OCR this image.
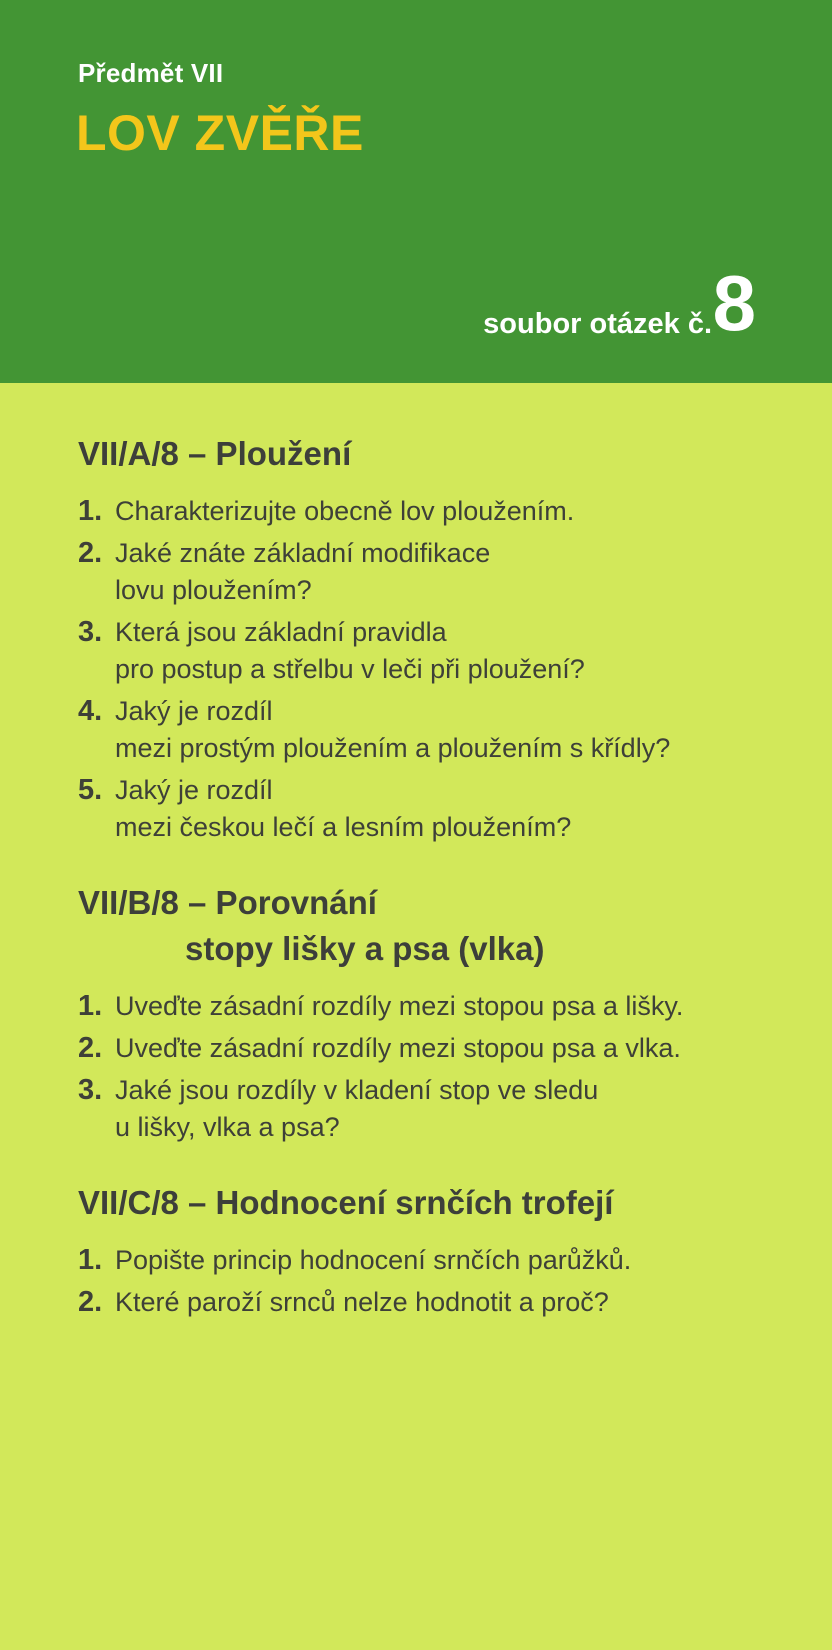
Předmět VII
LOV ZVĚŘE
soubor otázek č. 8
VII/A/8 – Ploužení
1. Charakterizujte obecně lov ploužením.
2. Jaké znáte základní modifikace
lovu ploužením?
3. Která jsou základní pravidla
pro postup a střelbu v leči při ploužení?
4. Jaký je rozdíl
mezi prostým ploužením a ploužením s křídly?
5. Jaký je rozdíl
mezi českou lečí a lesním ploužením?
VII/B/8 – Porovnání
stopy lišky a psa (vlka)
1. Uveďte zásadní rozdíly mezi stopou psa a lišky.
2. Uveďte zásadní rozdíly mezi stopou psa a vlka.
3. Jaké jsou rozdíly v kladení stop ve sledu
u lišky, vlka a psa?
VII/C/8 – Hodnocení srnčích trofejí
1. Popište princip hodnocení srnčích parůžků.
2. Které paroží srnců nelze hodnotit a proč?
